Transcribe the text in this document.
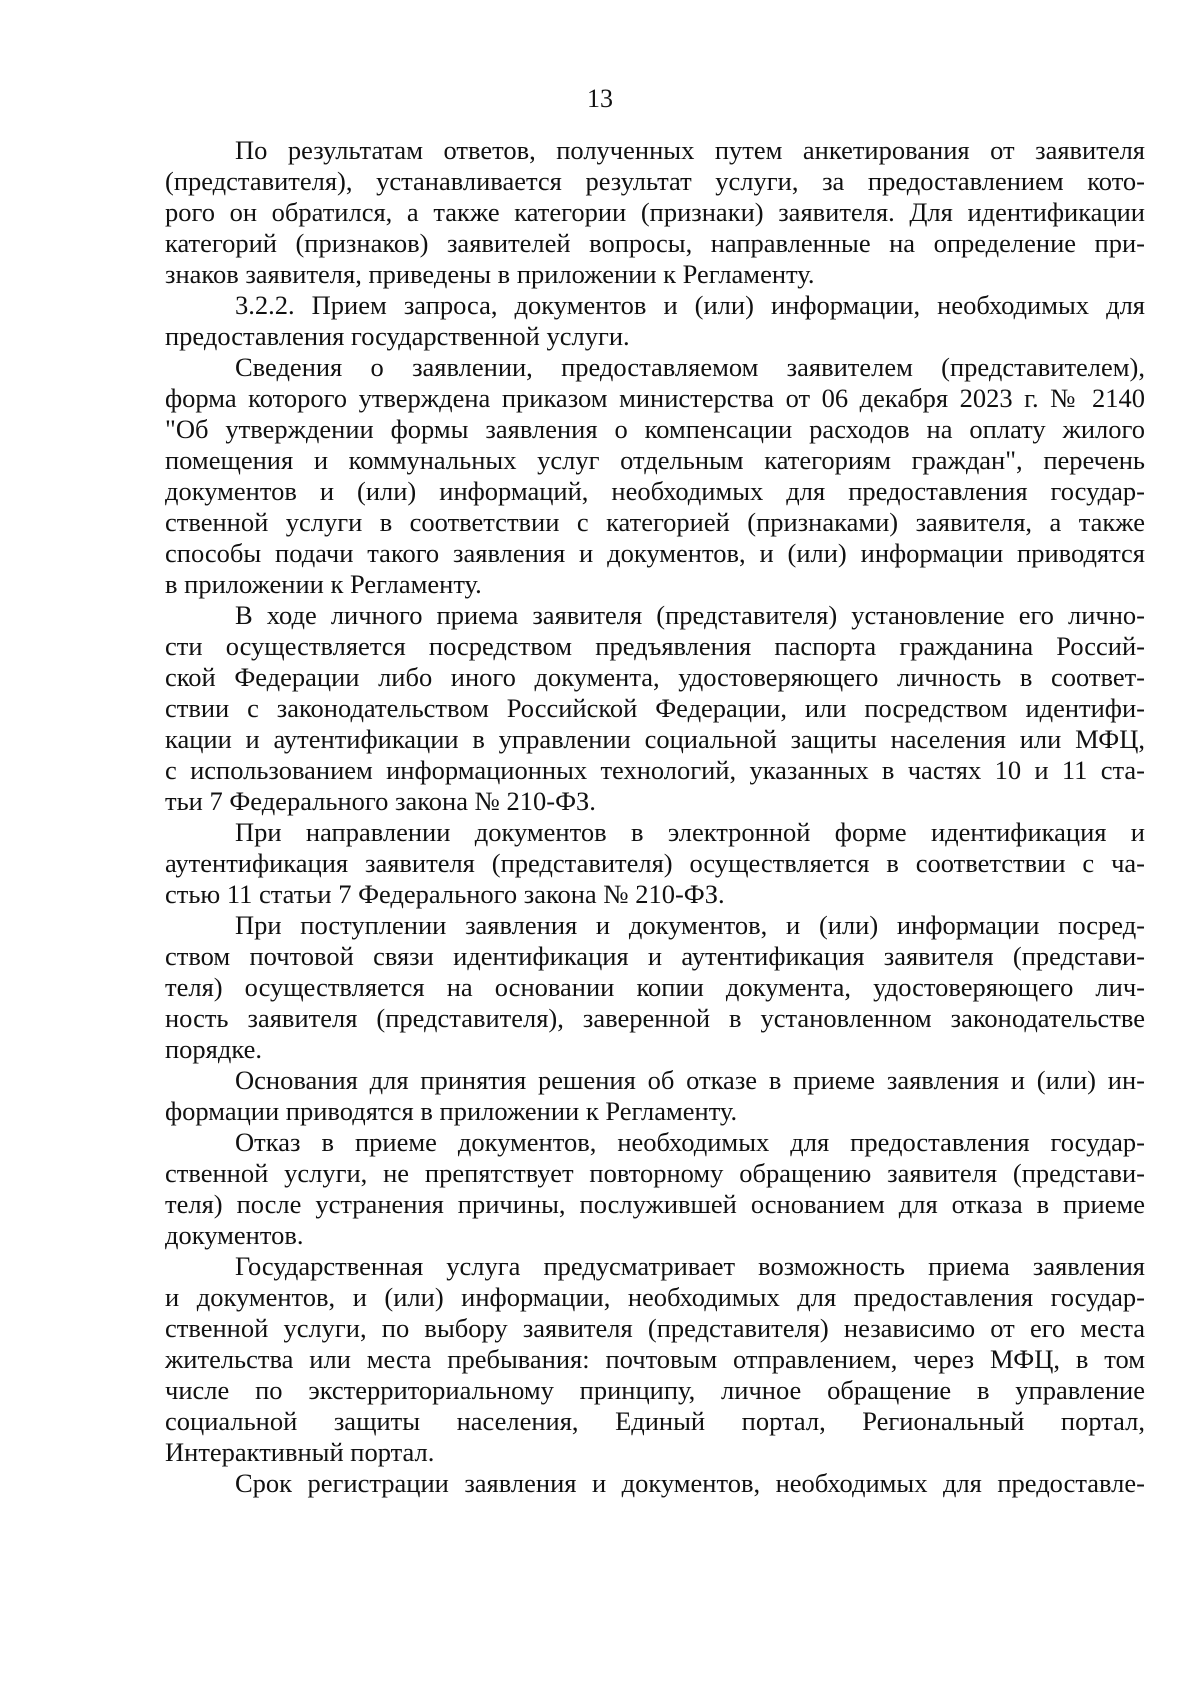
13
По результатам ответов, полученных путем анкетирования от заявителя
(представителя), устанавливается результат услуги, за предоставлением кото-
рого он обратился, а также категории (признаки) заявителя. Для идентификации
категорий (признаков) заявителей вопросы, направленные на определение при-
знаков заявителя, приведены в приложении к Регламенту.
3.2.2. Прием запроса, документов и (или) информации, необходимых для
предоставления государственной услуги.
Сведения о заявлении, предоставляемом заявителем (представителем),
форма которого утверждена приказом министерства от 06 декабря 2023 г. № 2140
"Об утверждении формы заявления о компенсации расходов на оплату жилого
помещения и коммунальных услуг отдельным категориям граждан", перечень
документов и (или) информаций, необходимых для предоставления государ-
ственной услуги в соответствии с категорией (признаками) заявителя, а также
способы подачи такого заявления и документов, и (или) информации приводятся
в приложении к Регламенту.
В ходе личного приема заявителя (представителя) установление его лично-
сти осуществляется посредством предъявления паспорта гражданина Россий-
ской Федерации либо иного документа, удостоверяющего личность в соответ-
ствии с законодательством Российской Федерации, или посредством идентифи-
кации и аутентификации в управлении социальной защиты населения или МФЦ,
с использованием информационных технологий, указанных в частях 10 и 11 ста-
тьи 7 Федерального закона № 210-ФЗ.
При направлении документов в электронной форме идентификация и
аутентификация заявителя (представителя) осуществляется в соответствии с ча-
стью 11 статьи 7 Федерального закона № 210-ФЗ.
При поступлении заявления и документов, и (или) информации посред-
ством почтовой связи идентификация и аутентификация заявителя (представи-
теля) осуществляется на основании копии документа, удостоверяющего лич-
ность заявителя (представителя), заверенной в установленном законодательстве
порядке.
Основания для принятия решения об отказе в приеме заявления и (или) ин-
формации приводятся в приложении к Регламенту.
Отказ в приеме документов, необходимых для предоставления государ-
ственной услуги, не препятствует повторному обращению заявителя (представи-
теля) после устранения причины, послужившей основанием для отказа в приеме
документов.
Государственная услуга предусматривает возможность приема заявления
и документов, и (или) информации, необходимых для предоставления государ-
ственной услуги, по выбору заявителя (представителя) независимо от его места
жительства или места пребывания: почтовым отправлением, через МФЦ, в том
числе по экстерриториальному принципу, личное обращение в управление
социальной защиты населения, Единый портал, Региональный портал,
Интерактивный портал.
Срок регистрации заявления и документов, необходимых для предоставле-
